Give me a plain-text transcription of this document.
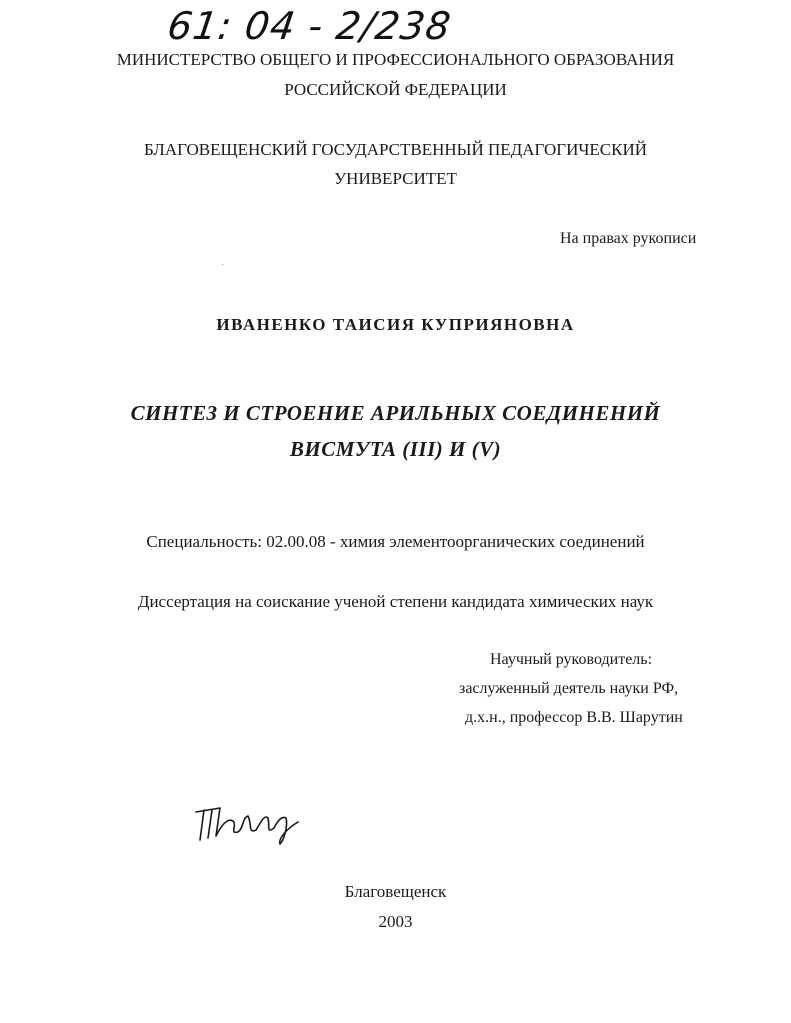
61: 04 - 2/238
МИНИСТЕРСТВО ОБЩЕГО И ПРОФЕССИОНАЛЬНОГО ОБРАЗОВАНИЯ
РОССИЙСКОЙ ФЕДЕРАЦИИ
БЛАГОВЕЩЕНСКИЙ ГОСУДАРСТВЕННЫЙ ПЕДАГОГИЧЕСКИЙ
УНИВЕРСИТЕТ
На правах рукописи
ИВАНЕНКО ТАИСИЯ КУПРИЯНОВНА
СИНТЕЗ И СТРОЕНИЕ АРИЛЬНЫХ СОЕДИНЕНИЙ
ВИСМУТА (III) И (V)
Специальность: 02.00.08 - химия элементоорганических соединений
Диссертация на соискание ученой степени кандидата химических наук
Научный руководитель:
заслуженный деятель науки РФ,
д.х.н., профессор В.В. Шарутин
Благовещенск
2003
